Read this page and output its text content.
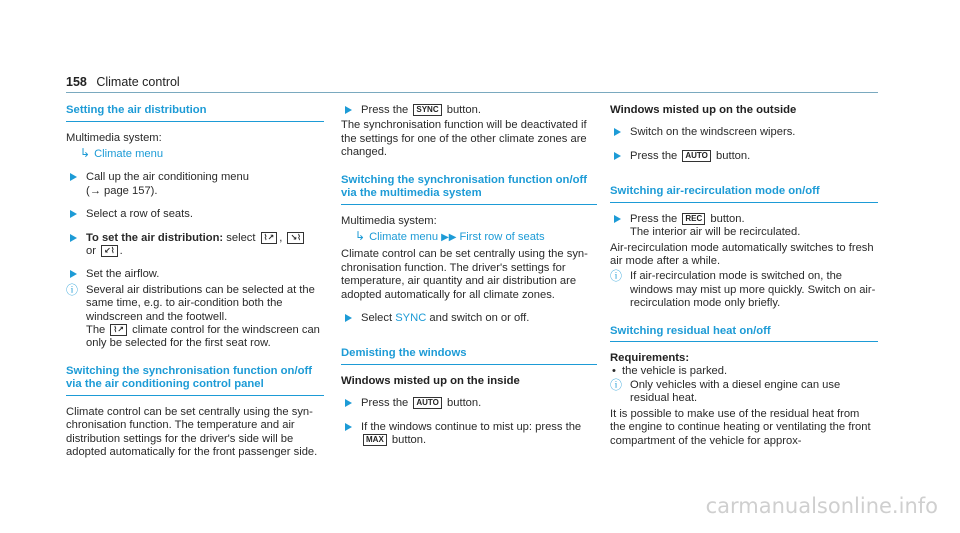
158 Climate control
Setting the air distribution

Multimedia system:

↳ Climate menu
Call up the air conditioning menu
(→ page 157).
Select a row of seats.
To set the air distribution: select ⌇↗ , ↘⌇
or ↙⌇ .
Set the airflow.
ⓘ Several air distributions can be selected at the same time, e.g. to air-condition both the windscreen and the footwell.
The ⌇↗ climate control for the windscreen can only be selected for the first seat row.
Switching the synchronisation function on/off via the air conditioning control panel

Climate control can be set centrally using the syn-chronisation function. The temperature and air distribution settings for the driver's side will be adopted automatically for the front passenger side.

Press the SYNC button.

The synchronisation function will be deactivated if the settings for one of the other climate zones are changed.

Switching the synchronisation function on/off via the multimedia system

Multimedia system:

↳ Climate menu ▶▶ First row of seats

Climate control can be set centrally using the syn-chronisation function. The driver's settings for temperature, air quantity and air distribution are adopted automatically for all climate zones.

Select SYNC and switch on or off.
Demisting the windows
Windows misted up on the inside
Press the AUTO button.
If the windows continue to mist up: press the
MAX button.
Windows misted up on the outside
Switch on the windscreen wipers.
Press the AUTO button.
Switching air-recirculation mode on/off
Press the REC button.
The interior air will be recirculated.

Air-recirculation mode automatically switches to fresh air mode after a while.

ⓘ If air-recirculation mode is switched on, the windows may mist up more quickly. Switch on air-recirculation mode only briefly.
Switching residual heat on/off
Requirements:
• the vehicle is parked.
ⓘ Only vehicles with a diesel engine can use residual heat.

It is possible to make use of the residual heat from the engine to continue heating or ventilating the front compartment of the vehicle for approx-

carmanualsonline.info
